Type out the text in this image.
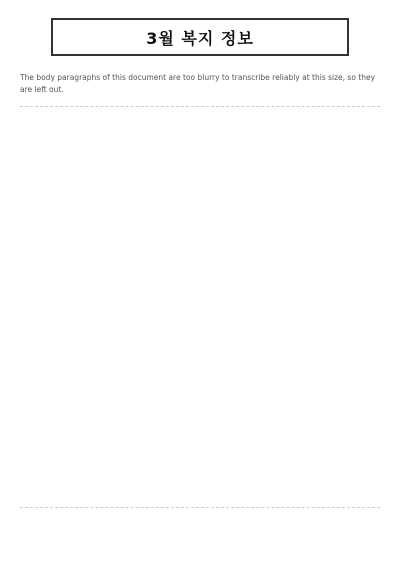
3월 복지 정보
The body paragraphs of this document are too blurry to transcribe reliably at this size, so they are left out.
